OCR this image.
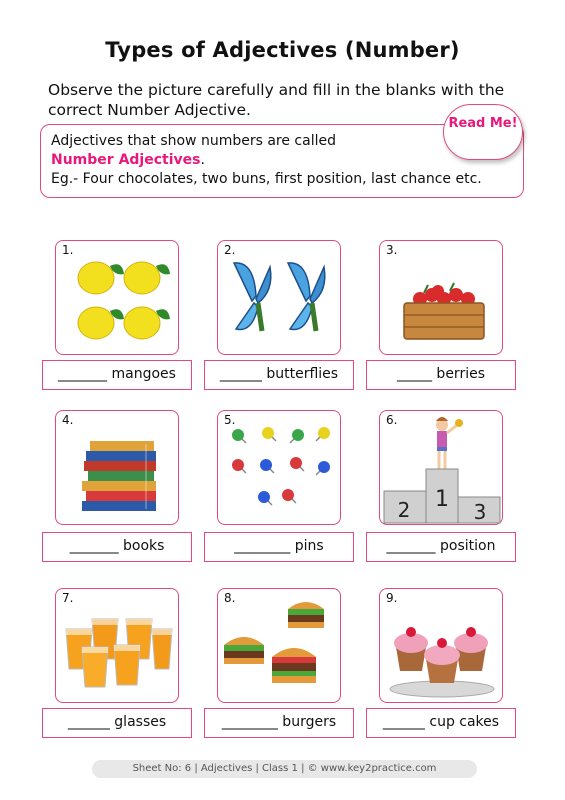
Types of Adjectives (Number)
Observe the picture carefully and fill in the blanks with the correct Number Adjective.
Adjectives that show numbers are called
Number Adjectives.
Eg.- Four chocolates, two buns, first position, last chance etc.
Read Me!
1.
_______ mangoes
2.
______ butterflies
3.
_____ berries
4.
_______ books
5.
________ pins
6.
1
2	3
_______ position
7.
______ glasses
8.
________ burgers
9.
______ cup cakes
Sheet No: 6 | Adjectives | Class 1 | © www.key2practice.com
